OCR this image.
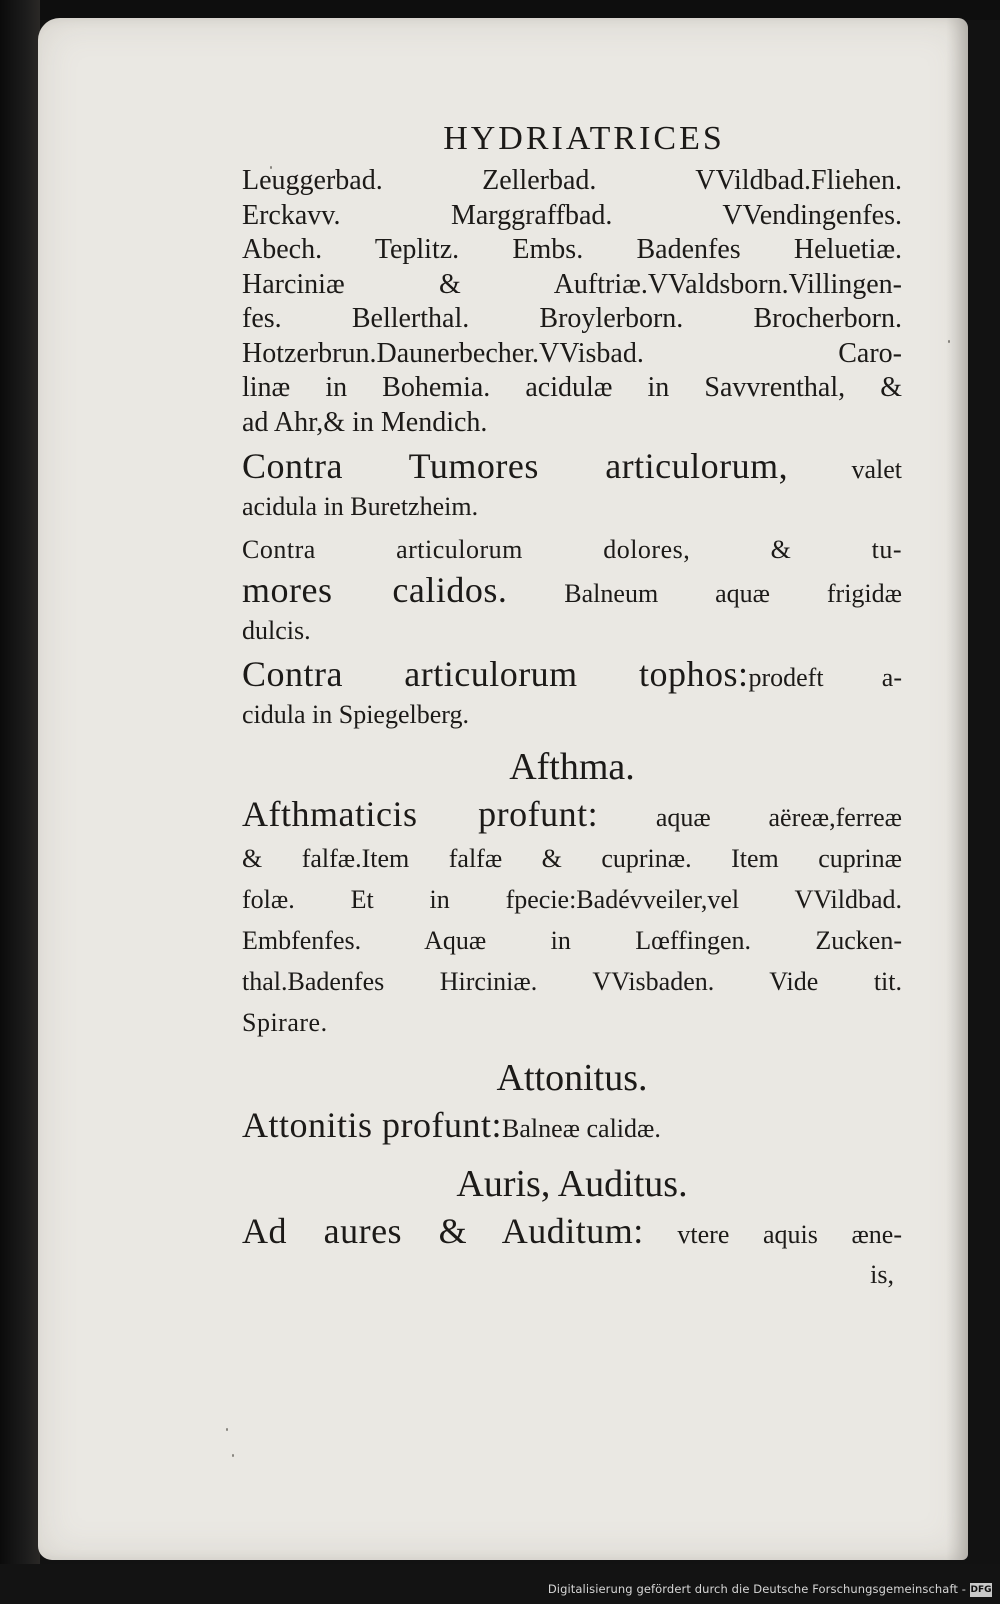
HYDRIATRICES
Leuggerbad. Zellerbad. VVildbad.Fliehen.
Erckavv. Marggraffbad. VVendingenfes.
Abech. Teplitz. Embs. Badenfes Heluetiæ.
Harciniæ & Auftriæ.VValdsborn.Villingen-
fes. Bellerthal. Broylerborn. Brocherborn.
Hotzerbrun.Daunerbecher.VVisbad. Caro-
linæ in Bohemia. acidulæ in Savvrenthal, &
ad Ahr,& in Mendich.
Contra Tumores articulorum, valet
acidula in Buretzheim.
Contra articulorum dolores, & tu-
mores calidos. Balneum aquæ frigidæ
dulcis.
Contra articulorum tophos:prodeft a-
cidula in Spiegelberg.
Afthma.
Afthmaticis profunt: aquæ aëreæ,ferreæ
& falfæ.Item falfæ & cuprinæ. Item cuprinæ
folæ. Et in fpecie:Badévveiler,vel VVildbad.
Embfenfes. Aquæ in Lœffingen. Zucken-
thal.Badenfes Hirciniæ. VVisbaden. Vide tit.
Spirare.
Attonitus.
Attonitis profunt:Balneæ calidæ.
Auris, Auditus.
Ad aures & Auditum: vtere aquis æne-
is,
Digitalisierung gefördert durch die Deutsche Forschungsgemeinschaft - DFG
